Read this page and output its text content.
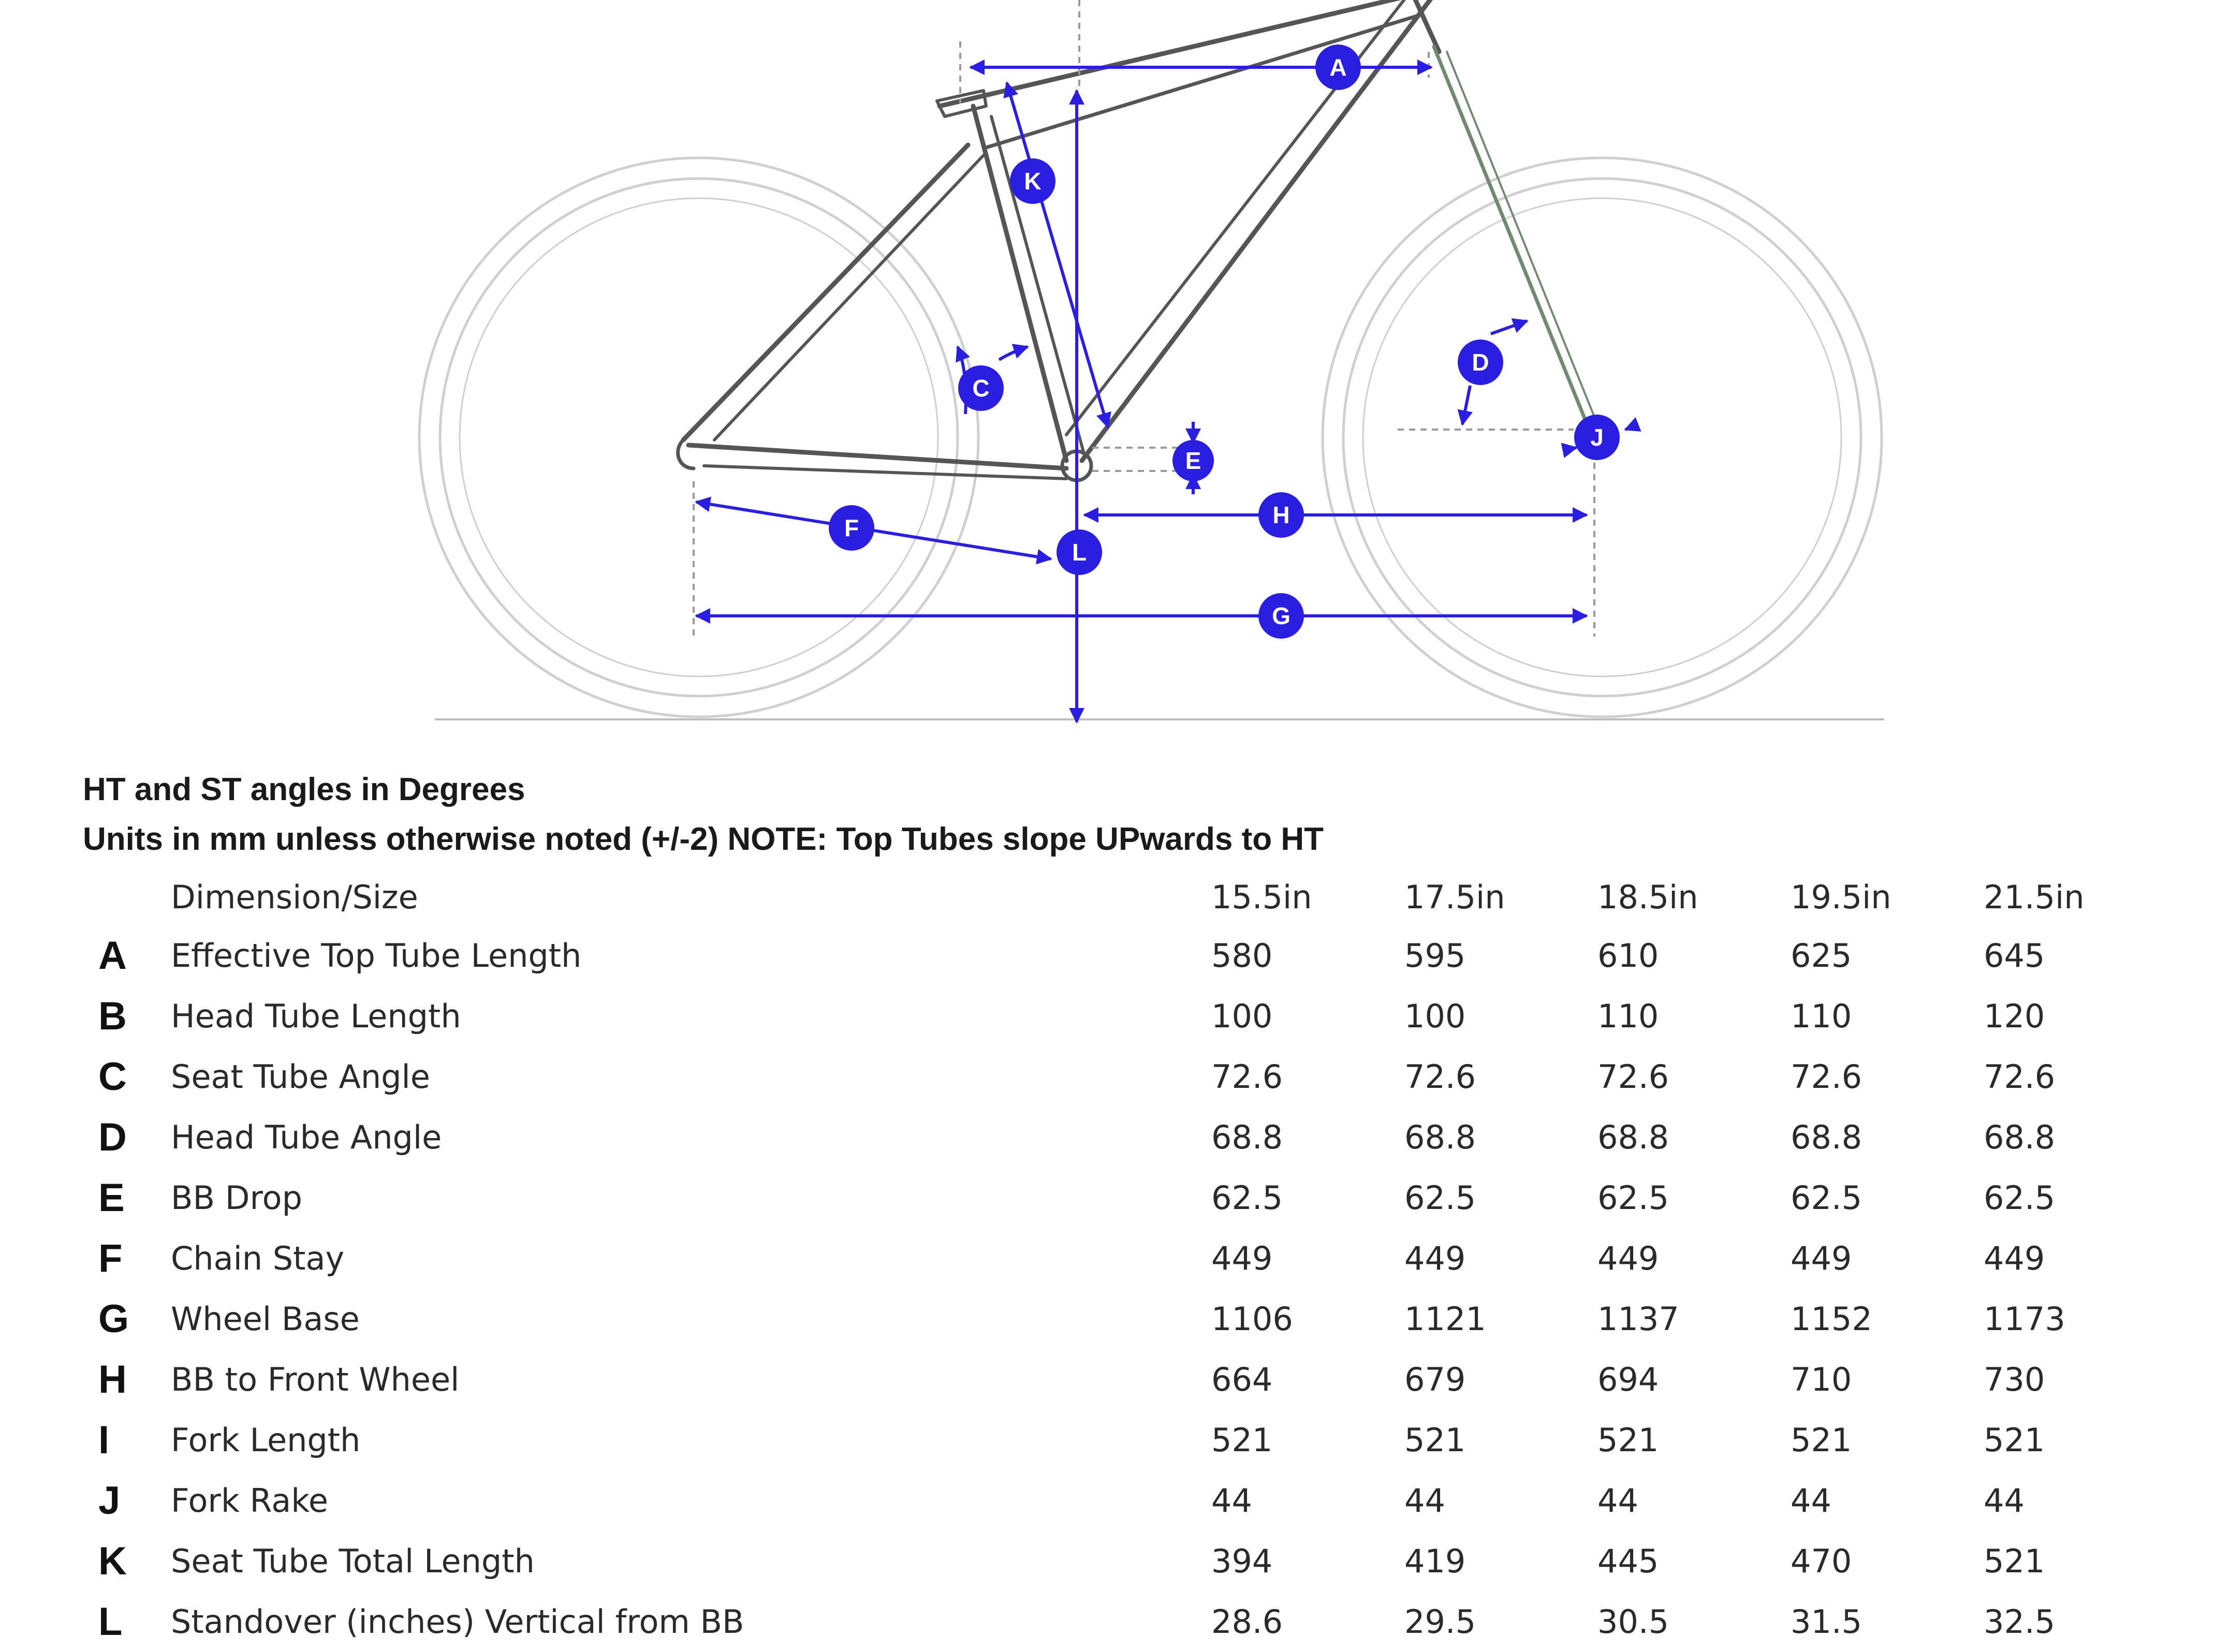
A
K
C
D
E
J
F
L
H
G
HT and ST angles in Degrees
Units in mm unless otherwise noted (+/-2) NOTE: Top Tubes slope UPwards to HT
	Dimension/Size	15.5in	17.5in	18.5in	19.5in	21.5in
A	Effective Top Tube Length	580	595	610	625	645
B	Head Tube Length	100	100	110	110	120
C	Seat Tube Angle	72.6	72.6	72.6	72.6	72.6
D	Head Tube Angle	68.8	68.8	68.8	68.8	68.8
E	BB Drop	62.5	62.5	62.5	62.5	62.5
F	Chain Stay	449	449	449	449	449
G	Wheel Base	1106	1121	1137	1152	1173
H	BB to Front Wheel	664	679	694	710	730
I	Fork Length	521	521	521	521	521
J	Fork Rake	44	44	44	44	44
K	Seat Tube Total Length	394	419	445	470	521
L	Standover (inches) Vertical from BB	28.6	29.5	30.5	31.5	32.5
